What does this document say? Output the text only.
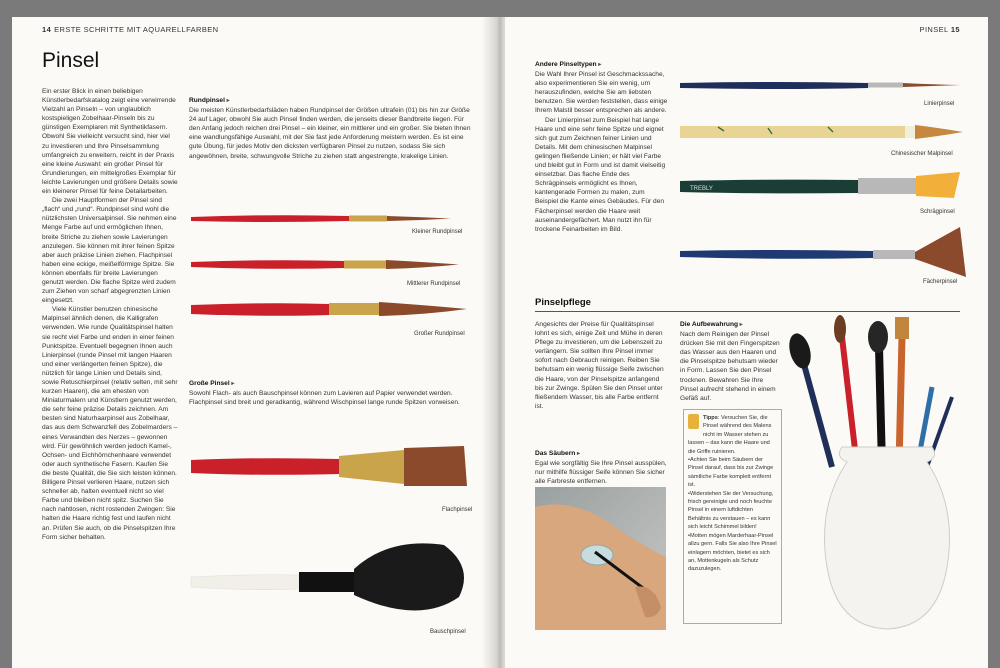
14 ERSTE SCHRITTE MIT AQUARELLFARBEN
Pinsel

Ein erster Blick in einen beliebigen Künstlerbedarfskatalog zeigt eine verwirrende Vielzahl an Pinseln – von unglaublich kostspieligen Zobelhaar-Pinseln bis zu günstigen Exemplaren mit Synthetikfasern. Obwohl Sie vielleicht versucht sind, hier viel zu investieren und Ihre Pinselsammlung umfangreich zu erweitern, reicht in der Praxis eine kleine Auswahl: ein großer Pinsel für Grundierungen, ein mittelgroßes Exemplar für leichte Lavierungen und größere Details sowie ein kleinerer Pinsel für feine Detailarbeiten.

Die zwei Hauptformen der Pinsel sind „flach“ und „rund“. Rundpinsel sind wohl die nützlichsten Universalpinsel. Sie nehmen eine Menge Farbe auf und ermöglichen Ihnen, breite Striche zu ziehen sowie Lavierungen anzulegen. Sie können mit ihrer feinen Spitze aber auch präzise Linien ziehen. Flachpinsel haben eine eckige, meißelförmige Spitze. Sie können ebenfalls für breite Lavierungen genutzt werden. Die flache Spitze wird zudem zum Ziehen von scharf abgegrenzten Linien eingesetzt.

Viele Künstler benutzen chinesische Malpinsel ähnlich denen, die Kalligrafen verwenden. Wie runde Qualitätspinsel halten sie recht viel Farbe und enden in einer feinen Punktspitze. Eventuell begegnen Ihnen auch Linierpinsel (runde Pinsel mit langen Haaren und einer verlängerten feinen Spitze), die nützlich für lange Linien und Details sind, sowie Retuschierpinsel (relativ selten, mit sehr kurzen Haaren), die am ehesten von Miniaturmalern und Künstlern genutzt werden, die sehr feine präzise Details zeichnen. Am besten sind Naturhaarpinsel aus Zobelhaar, das aus dem Schwanzfell des Zobelmarders – eines Verwandten des Nerzes – gewonnen wird. Für gewöhnlich werden jedoch Kamel-, Ochsen- und Eichhörnchenhaare verwendet oder auch synthetische Fasern. Kaufen Sie die beste Qualität, die Sie sich leisten können. Billigere Pinsel verlieren Haare, nutzen sich schneller ab, halten eventuell nicht so viel Farbe und bleiben nicht spitz. Suchen Sie nach nahtlosen, nicht rostenden Zwingen: Sie halten die Haare richtig fest und laufen nicht an. Prüfen Sie auch, ob die Pinselspitzen Ihre Form sicher behalten.

Rundpinsel ▸
Die meisten Künstlerbedarfsläden haben Rundpinsel der Größen ultrafein (01) bis hin zur Größe 24 auf Lager, obwohl Sie auch Pinsel finden werden, die jenseits dieser Bandbreite liegen. Für den Anfang jedoch reichen drei Pinsel – ein kleiner, ein mittlerer und ein großer. Sie bieten Ihnen eine wandlungsfähige Auswahl, mit der Sie fast jede Anforderung meistern werden. Es ist eine gute Übung, für jedes Motiv den dicksten verfügbaren Pinsel zu nutzen, sodass Sie sich angewöhnen, breite, schwungvolle Striche zu ziehen statt angestrengte, krakelige Linien.
Kleiner Rundpinsel
Mittlerer Rundpinsel
Großer Rundpinsel
Große Pinsel ▸
Sowohl Flach- als auch Bauschpinsel können zum Lavieren auf Papier verwendet werden. Flachpinsel sind breit und geradkantig, während Wischpinsel lange runde Spitzen vorweisen.
Flachpinsel
Bauschpinsel
PINSEL 15
Andere Pinseltypen ▸

Die Wahl Ihrer Pinsel ist Geschmackssache, also experimentieren Sie ein wenig, um herauszufinden, welche Sie am liebsten benutzen. Sie werden feststellen, dass einige Ihrem Malstil besser entsprechen als andere.

Der Linierpinsel zum Beispiel hat lange Haare und eine sehr feine Spitze und eignet sich gut zum Zeichnen feiner Linien und Details. Mit dem chinesischen Malpinsel gelingen fließende Linien; er hält viel Farbe und bleibt gut in Form und ist damit vielseitig einsetzbar. Das flache Ende des Schrägpinsels ermöglicht es Ihnen, kantengerade Formen zu malen, zum Beispiel die Kante eines Gebäudes. Für den Fächerpinsel werden die Haare weit auseinandergefächert. Man nutzt ihn für trockene Feinarbeiten im Bild.

TREBLY
Linierpinsel
Chinesischer Malpinsel
Schrägpinsel
Fächerpinsel
Pinselpflege
Angesichts der Preise für Qualitätspinsel lohnt es sich, einige Zeit und Mühe in deren Pflege zu investieren, um die Lebenszeit zu verlängern. Sie sollten Ihre Pinsel immer sofort nach Gebrauch reinigen. Reiben Sie behutsam ein wenig flüssige Seife zwischen die Haare, von der Pinselspitze anfangend bis zur Zwinge. Spülen Sie den Pinsel unter fließendem Wasser, bis alle Farbe entfernt ist.
Die Aufbewahrung ▸
Nach dem Reinigen der Pinsel drücken Sie mit den Fingerspitzen das Wasser aus den Haaren und die Pinselspitze behutsam wieder in Form. Lassen Sie den Pinsel trocknen. Bewahren Sie Ihre Pinsel aufrecht stehend in einem Gefäß auf.
Das Säubern ▸
Egal wie sorgfältig Sie Ihre Pinsel ausspülen, nur mithilfe flüssiger Seife können Sie sicher alle Farbreste entfernen.
Tipps: Versuchen Sie, die Pinsel während des Malens nicht im Wasser stehen zu lassen – das kann die Haare und die Griffe ruinieren.
• Achten Sie beim Säubern der Pinsel darauf, dass bis zur Zwinge sämtliche Farbe komplett entfernt ist.
• Widerstehen Sie der Versuchung, frisch gereinigte und noch feuchte Pinsel in einem luftdichten Behältnis zu verstauen – es kann sich leicht Schimmel bilden!
• Motten mögen Marderhaar-Pinsel allzu gern. Falls Sie also Ihre Pinsel einlagern möchten, bietet es sich an, Mottenkugeln als Schutz dazuzulegen.
